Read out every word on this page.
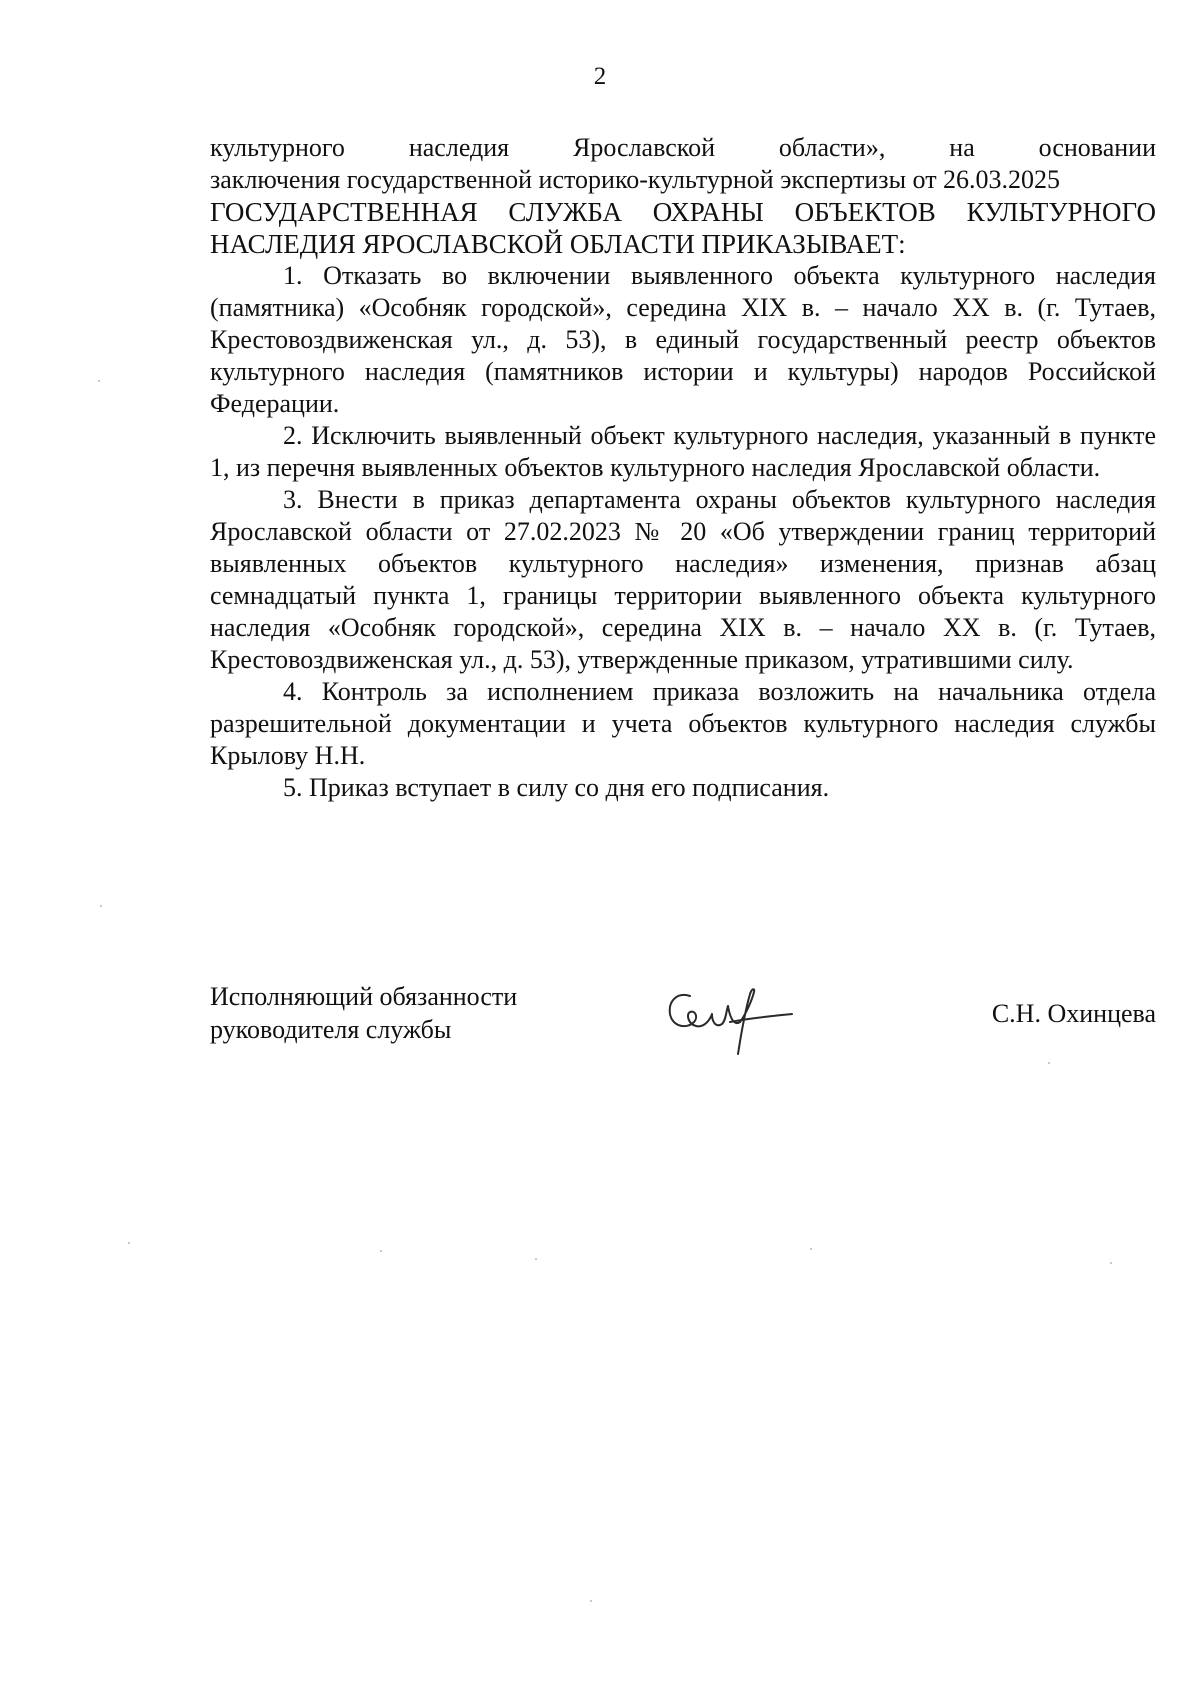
2

культурного наследия Ярославской области», на основании
заключения государственной историко-культурной экспертизы от 26.03.2025

ГОСУДАРСТВЕННАЯ СЛУЖБА ОХРАНЫ ОБЪЕКТОВ КУЛЬТУРНОГО НАСЛЕДИЯ ЯРОСЛАВСКОЙ ОБЛАСТИ ПРИКАЗЫВАЕТ:

1. Отказать во включении выявленного объекта культурного наследия (памятника) «Особняк городской», середина XIX в. – начало XX в. (г. Тутаев, Крестовоздвиженская ул., д. 53), в единый государственный реестр объектов культурного наследия (памятников истории и культуры) народов Российской Федерации.

2. Исключить выявленный объект культурного наследия, указанный в пункте 1, из перечня выявленных объектов культурного наследия Ярославской области.

3. Внести в приказ департамента охраны объектов культурного наследия Ярославской области от 27.02.2023 № 20 «Об утверждении границ территорий выявленных объектов культурного наследия» изменения, признав абзац семнадцатый пункта 1, границы территории выявленного объекта культурного наследия «Особняк городской», середина XIX в. – начало XX в. (г. Тутаев, Крестовоздвиженская ул., д. 53), утвержденные приказом, утратившими силу.

4. Контроль за исполнением приказа возложить на начальника отдела разрешительной документации и учета объектов культурного наследия службы Крылову Н.Н.

5. Приказ вступает в силу со дня его подписания.

Исполняющий обязанности
руководителя службы
С.Н. Охинцева
